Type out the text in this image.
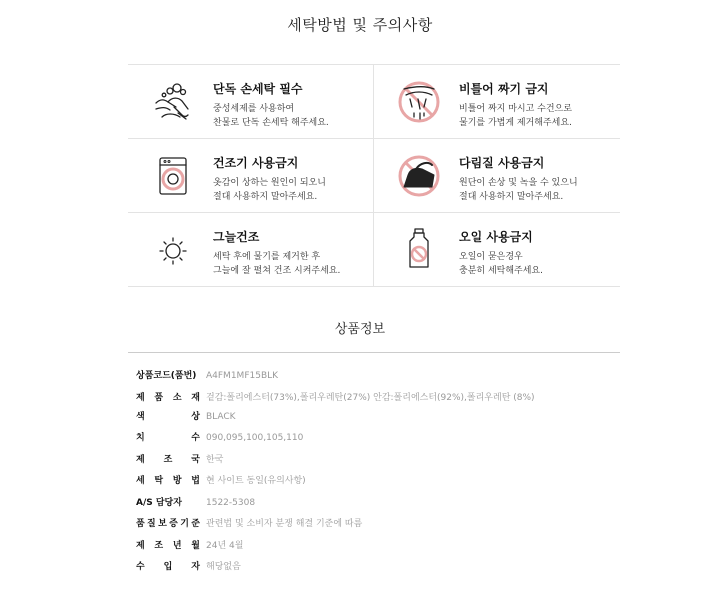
세탁방법 및 주의사항
단독 손세탁 필수
중성세제를 사용하여
찬물로 단독 손세탁 해주세요.
비틀어 짜기 금지
비틀어 짜지 마시고 수건으로
물기를 가볍게 제거해주세요.
건조기 사용금지
옷감이 상하는 원인이 되오니
절대 사용하지 말아주세요.
다림질 사용금지
원단이 손상 및 녹을 수 있으니
절대 사용하지 말아주세요.
그늘건조
세탁 후에 물기를 제거한 후
그늘에 잘 펼쳐 건조 시켜주세요.
오일 사용금지
오일이 묻은경우
충분히 세탁해주세요.
상품정보
상품코드(품번)	A4FM1MF15BLK
제 품 소 재 겉감:폴리에스터(73%),폴리우레탄(27%) 안감:폴리에스터(92%),폴리우레탄 (8%)
색	상 BLACK
치	수 090,095,100,105,110
제 조 국 한국
세 탁 방 법 현 사이트 동일(유의사항)
A/S 담당자	1522-5308
품 질 보 증 기 준 관련법 및 소비자 분쟁 해결 기준에 따름
제 조 년 월 24년 4월
수 입 자 해당없음
